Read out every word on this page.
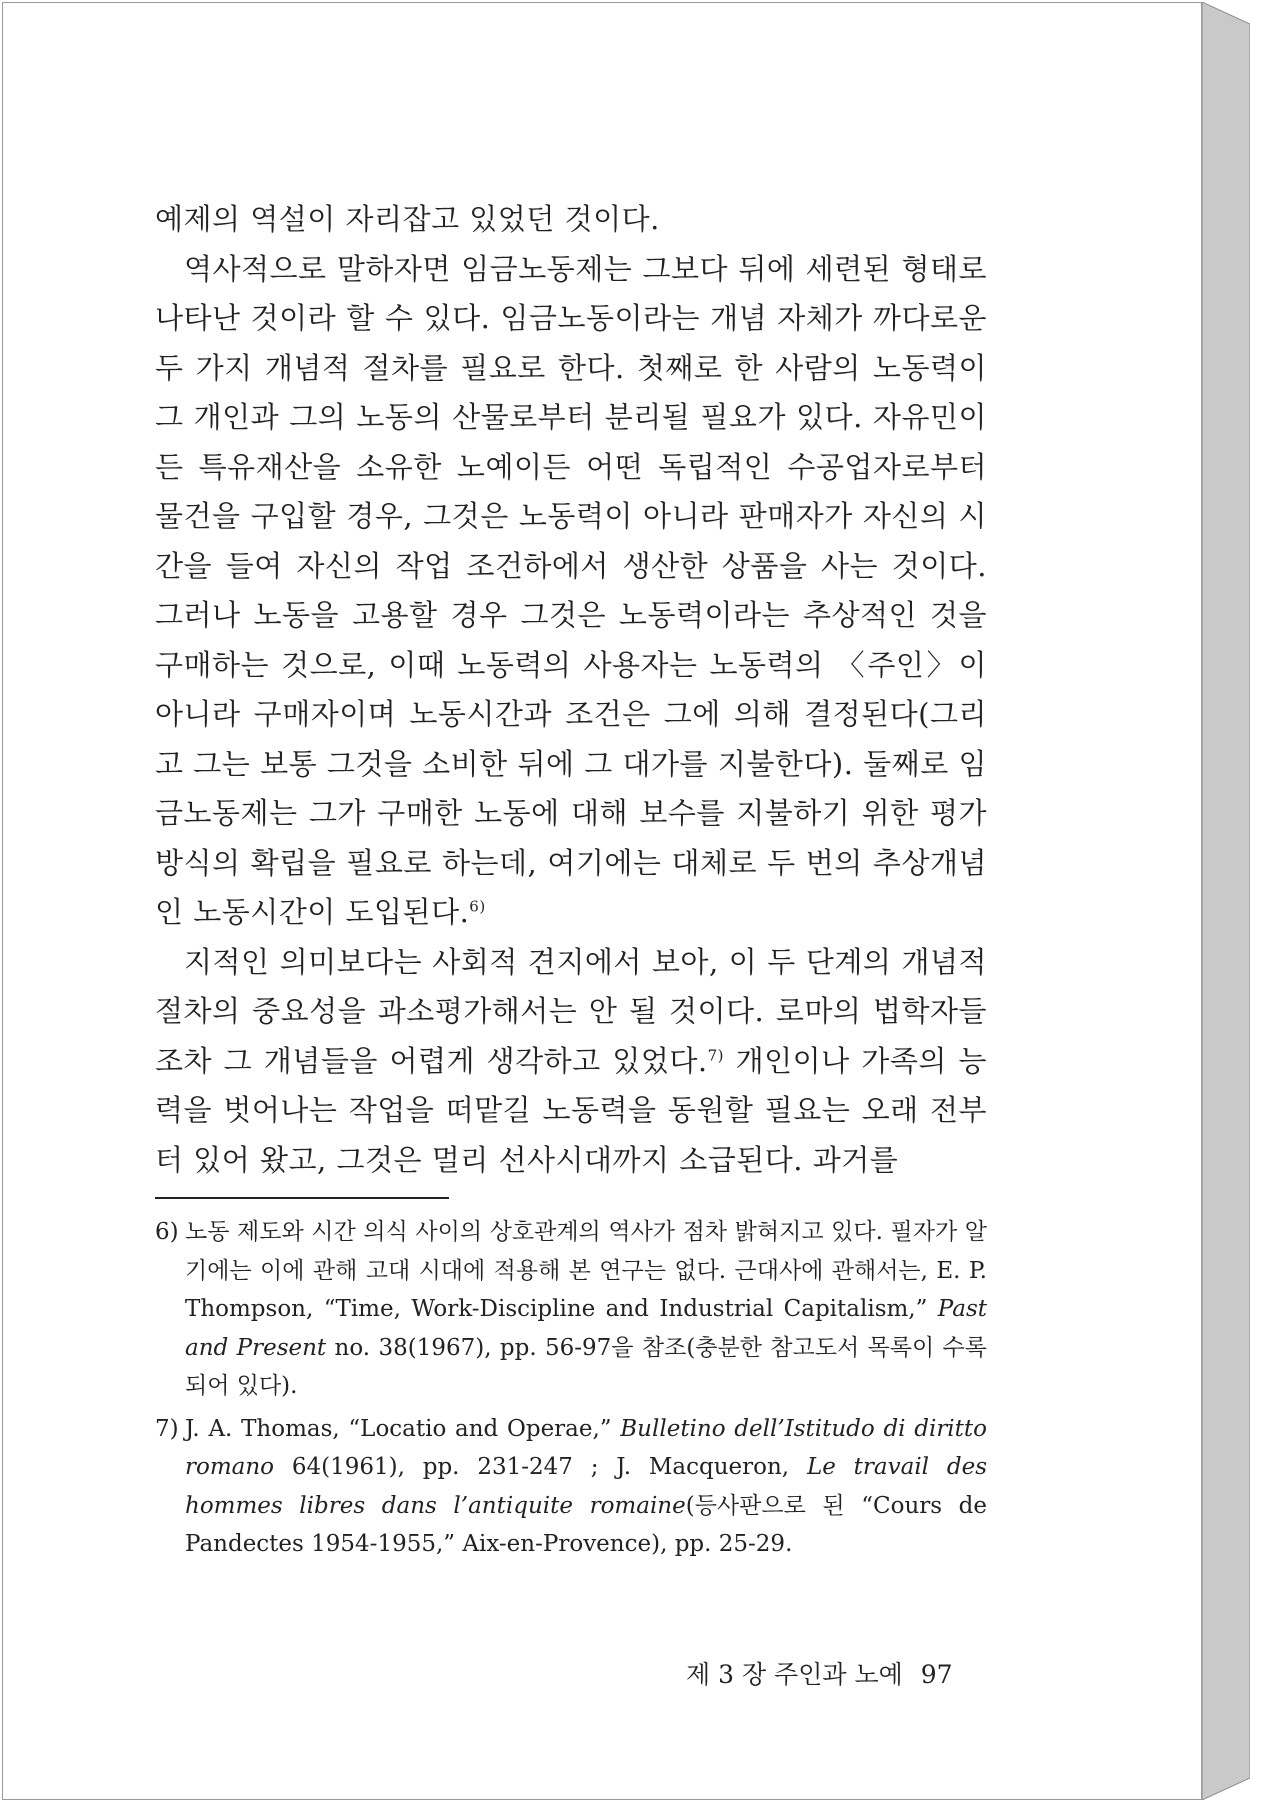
예제의 역설이 자리잡고 있었던 것이다.

역사적으로 말하자면 임금노동제는 그보다 뒤에 세련된 형태로 나타난 것이라 할 수 있다. 임금노동이라는 개념 자체가 까다로운 두 가지 개념적 절차를 필요로 한다. 첫째로 한 사람의 노동력이 그 개인과 그의 노동의 산물로부터 분리될 필요가 있다. 자유민이든 특유재산을 소유한 노예이든 어떤 독립적인 수공업자로부터 물건을 구입할 경우, 그것은 노동력이 아니라 판매자가 자신의 시간을 들여 자신의 작업 조건하에서 생산한 상품을 사는 것이다. 그러나 노동을 고용할 경우 그것은 노동력이라는 추상적인 것을 구매하는 것으로, 이때 노동력의 사용자는 노동력의 〈주인〉이 아니라 구매자이며 노동시간과 조건은 그에 의해 결정된다(그리고 그는 보통 그것을 소비한 뒤에 그 대가를 지불한다). 둘째로 임금노동제는 그가 구매한 노동에 대해 보수를 지불하기 위한 평가 방식의 확립을 필요로 하는데, 여기에는 대체로 두 번의 추상개념인 노동시간이 도입된다.$^{6)}$

지적인 의미보다는 사회적 견지에서 보아, 이 두 단계의 개념적 절차의 중요성을 과소평가해서는 안 될 것이다. 로마의 법학자들조차 그 개념들을 어렵게 생각하고 있었다.$^{7)}$ 개인이나 가족의 능력을 벗어나는 작업을 떠맡길 노동력을 동원할 필요는 오래 전부터 있어 왔고, 그것은 멀리 선사시대까지 소급된다. 과거를

6) 노동 제도와 시간 의식 사이의 상호관계의 역사가 점차 밝혀지고 있다. 필자가 알기에는 이에 관해 고대 시대에 적용해 본 연구는 없다. 근대사에 관해서는, E. P. Thompson, “Time, Work-Discipline and Industrial Capitalism,” Past and Present no. 38(1967), pp. 56-97을 참조(충분한 참고도서 목록이 수록되어 있다).

7) J. A. Thomas, “Locatio and Operae,” Bulletino dell’Istitudo di diritto romano 64(1961), pp. 231-247 ; J. Macqueron, Le travail des hommes libres dans l’antiquite romaine(등사판으로 된 “Cours de Pandectes 1954-1955,” Aix-en-Provence), pp. 25-29.

제 3 장 주인과 노예 97
